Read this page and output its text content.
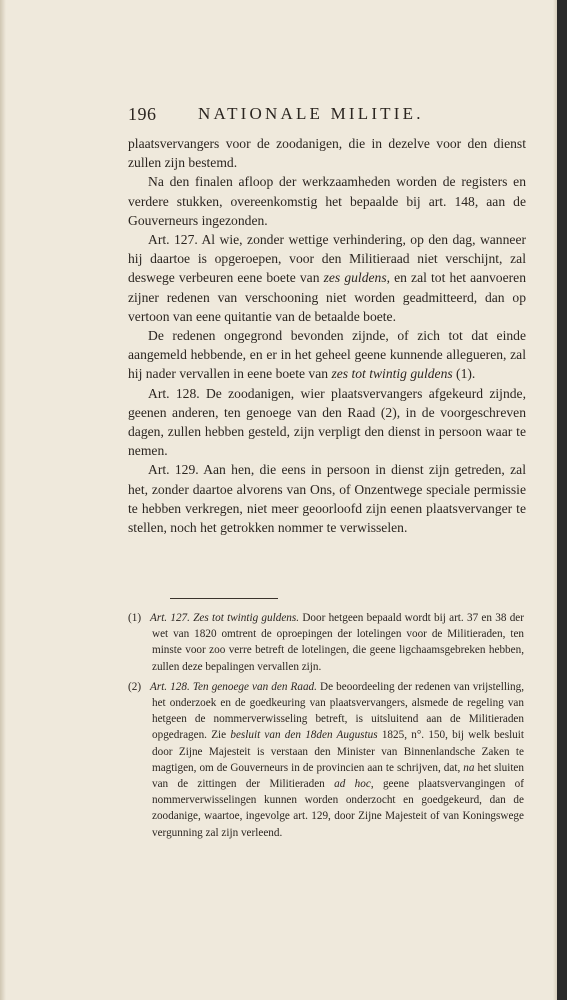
196 NATIONALE MILITIE.

plaatsvervangers voor de zoodanigen, die in dezelve voor den dienst zullen zijn bestemd.

Na den finalen afloop der werkzaamheden worden de registers en verdere stukken, overeenkomstig het bepaalde bij art. 148, aan de Gouverneurs ingezonden.

Art. 127. Al wie, zonder wettige verhindering, op den dag, wanneer hij daartoe is opgeroepen, voor den Militieraad niet verschijnt, zal deswege verbeuren eene boete van zes guldens, en zal tot het aanvoeren zijner redenen van verschooning niet worden geadmitteerd, dan op vertoon van eene quitantie van de betaalde boete.

De redenen ongegrond bevonden zijnde, of zich tot dat einde aangemeld hebbende, en er in het geheel geene kunnende allegueren, zal hij nader vervallen in eene boete van zes tot twintig guldens (1).

Art. 128. De zoodanigen, wier plaatsvervangers afgekeurd zijnde, geenen anderen, ten genoege van den Raad (2), in de voorgeschreven dagen, zullen hebben gesteld, zijn verpligt den dienst in persoon waar te nemen.

Art. 129. Aan hen, die eens in persoon in dienst zijn getreden, zal het, zonder daartoe alvorens van Ons, of Onzentwege speciale permissie te hebben verkregen, niet meer geoorloofd zijn eenen plaatsvervanger te stellen, noch het getrokken nommer te verwisselen.

(1) Art. 127. Zes tot twintig guldens. Door hetgeen bepaald wordt bij art. 37 en 38 der wet van 1820 omtrent de oproepingen der lotelingen voor de Militieraden, ten minste voor zoo verre betreft de lotelingen, die geene ligchaamsgebreken hebben, zullen deze bepalingen vervallen zijn.

(2) Art. 128. Ten genoege van den Raad. De beoordeeling der redenen van vrijstelling, het onderzoek en de goedkeuring van plaatsvervangers, alsmede de regeling van hetgeen de nommerverwisseling betreft, is uitsluitend aan de Militieraden opgedragen. Zie besluit van den 18den Augustus 1825, n°. 150, bij welk besluit door Zijne Majesteit is verstaan den Minister van Binnenlandsche Zaken te magtigen, om de Gouverneurs in de provincien aan te schrijven, dat, na het sluiten van de zittingen der Militieraden ad hoc, geene plaatsvervangingen of nommerverwisselingen kunnen worden onderzocht en goedgekeurd, dan de zoodanige, waartoe, ingevolge art. 129, door Zijne Majesteit of van Koningswege vergunning zal zijn verleend.
